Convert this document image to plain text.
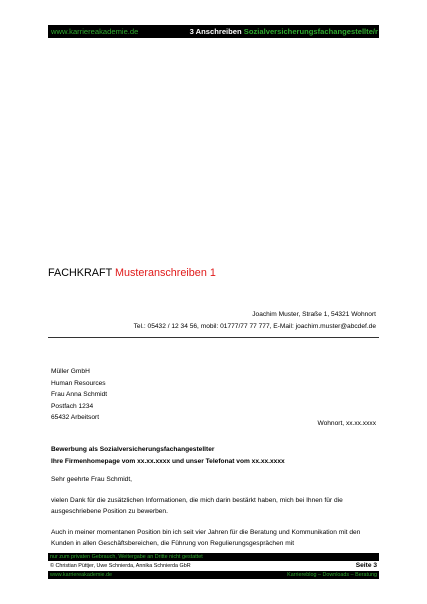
www.karriereakademie.de	3 Anschreiben Sozialversicherungsfachangestellte/r
FACHKRAFT Musteranschreiben 1
Joachim Muster, Straße 1, 54321 Wohnort
Tel.: 05432 / 12 34 56, mobil: 01777/77 77 777, E-Mail: joachim.muster@abcdef.de
Müller GmbH
Human Resources
Frau Anna Schmidt
Postfach 1234
65432 Arbeitsort
Wohnort, xx.xx.xxxx
Bewerbung als Sozialversicherungsfachangestellter
Ihre Firmenhomepage vom xx.xx.xxxx und unser Telefonat vom xx.xx.xxxx

Sehr geehrte Frau Schmidt,

vielen Dank für die zusätzlichen Informationen, die mich darin bestärkt haben, mich bei Ihnen für die ausgeschriebene Position zu bewerben.

Auch in meiner momentanen Position bin ich seit vier Jahren für die Beratung und Kommunikation mit den Kunden in allen Geschäftsbereichen, die Führung von Regulierungsgesprächen mit

nur zum privaten Gebrauch, Weitergabe an Dritte nicht gestattet
© Christian Püttjer, Uwe Schnierda, Annika Schnierda GbR	Seite 3
www.karriereakademie.de	Karriereblog – Downloads – Beratung
